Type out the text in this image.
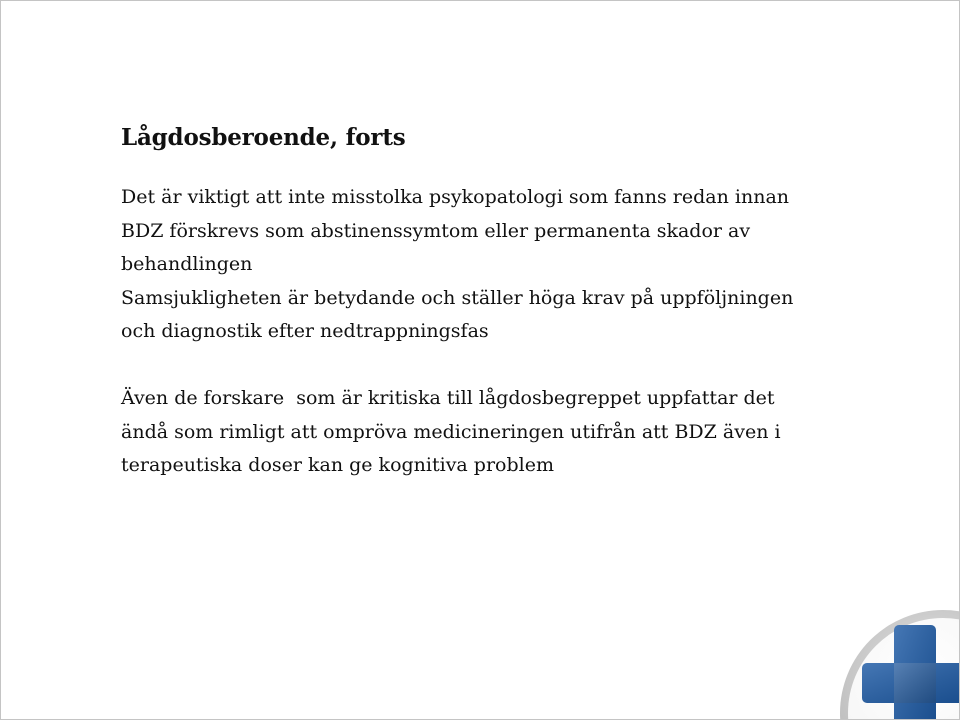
Lågdosberoende, forts

Det är viktigt att inte misstolka psykopatologi som fanns redan innan
BDZ förskrevs som abstinenssymtom eller permanenta skador av
behandlingen

Samsjukligheten är betydande och ställer höga krav på uppföljningen
och diagnostik efter nedtrappningsfas

Även de forskare  som är kritiska till lågdosbegreppet uppfattar det
ändå som rimligt att ompröva medicineringen utifrån att BDZ även i
terapeutiska doser kan ge kognitiva problem
